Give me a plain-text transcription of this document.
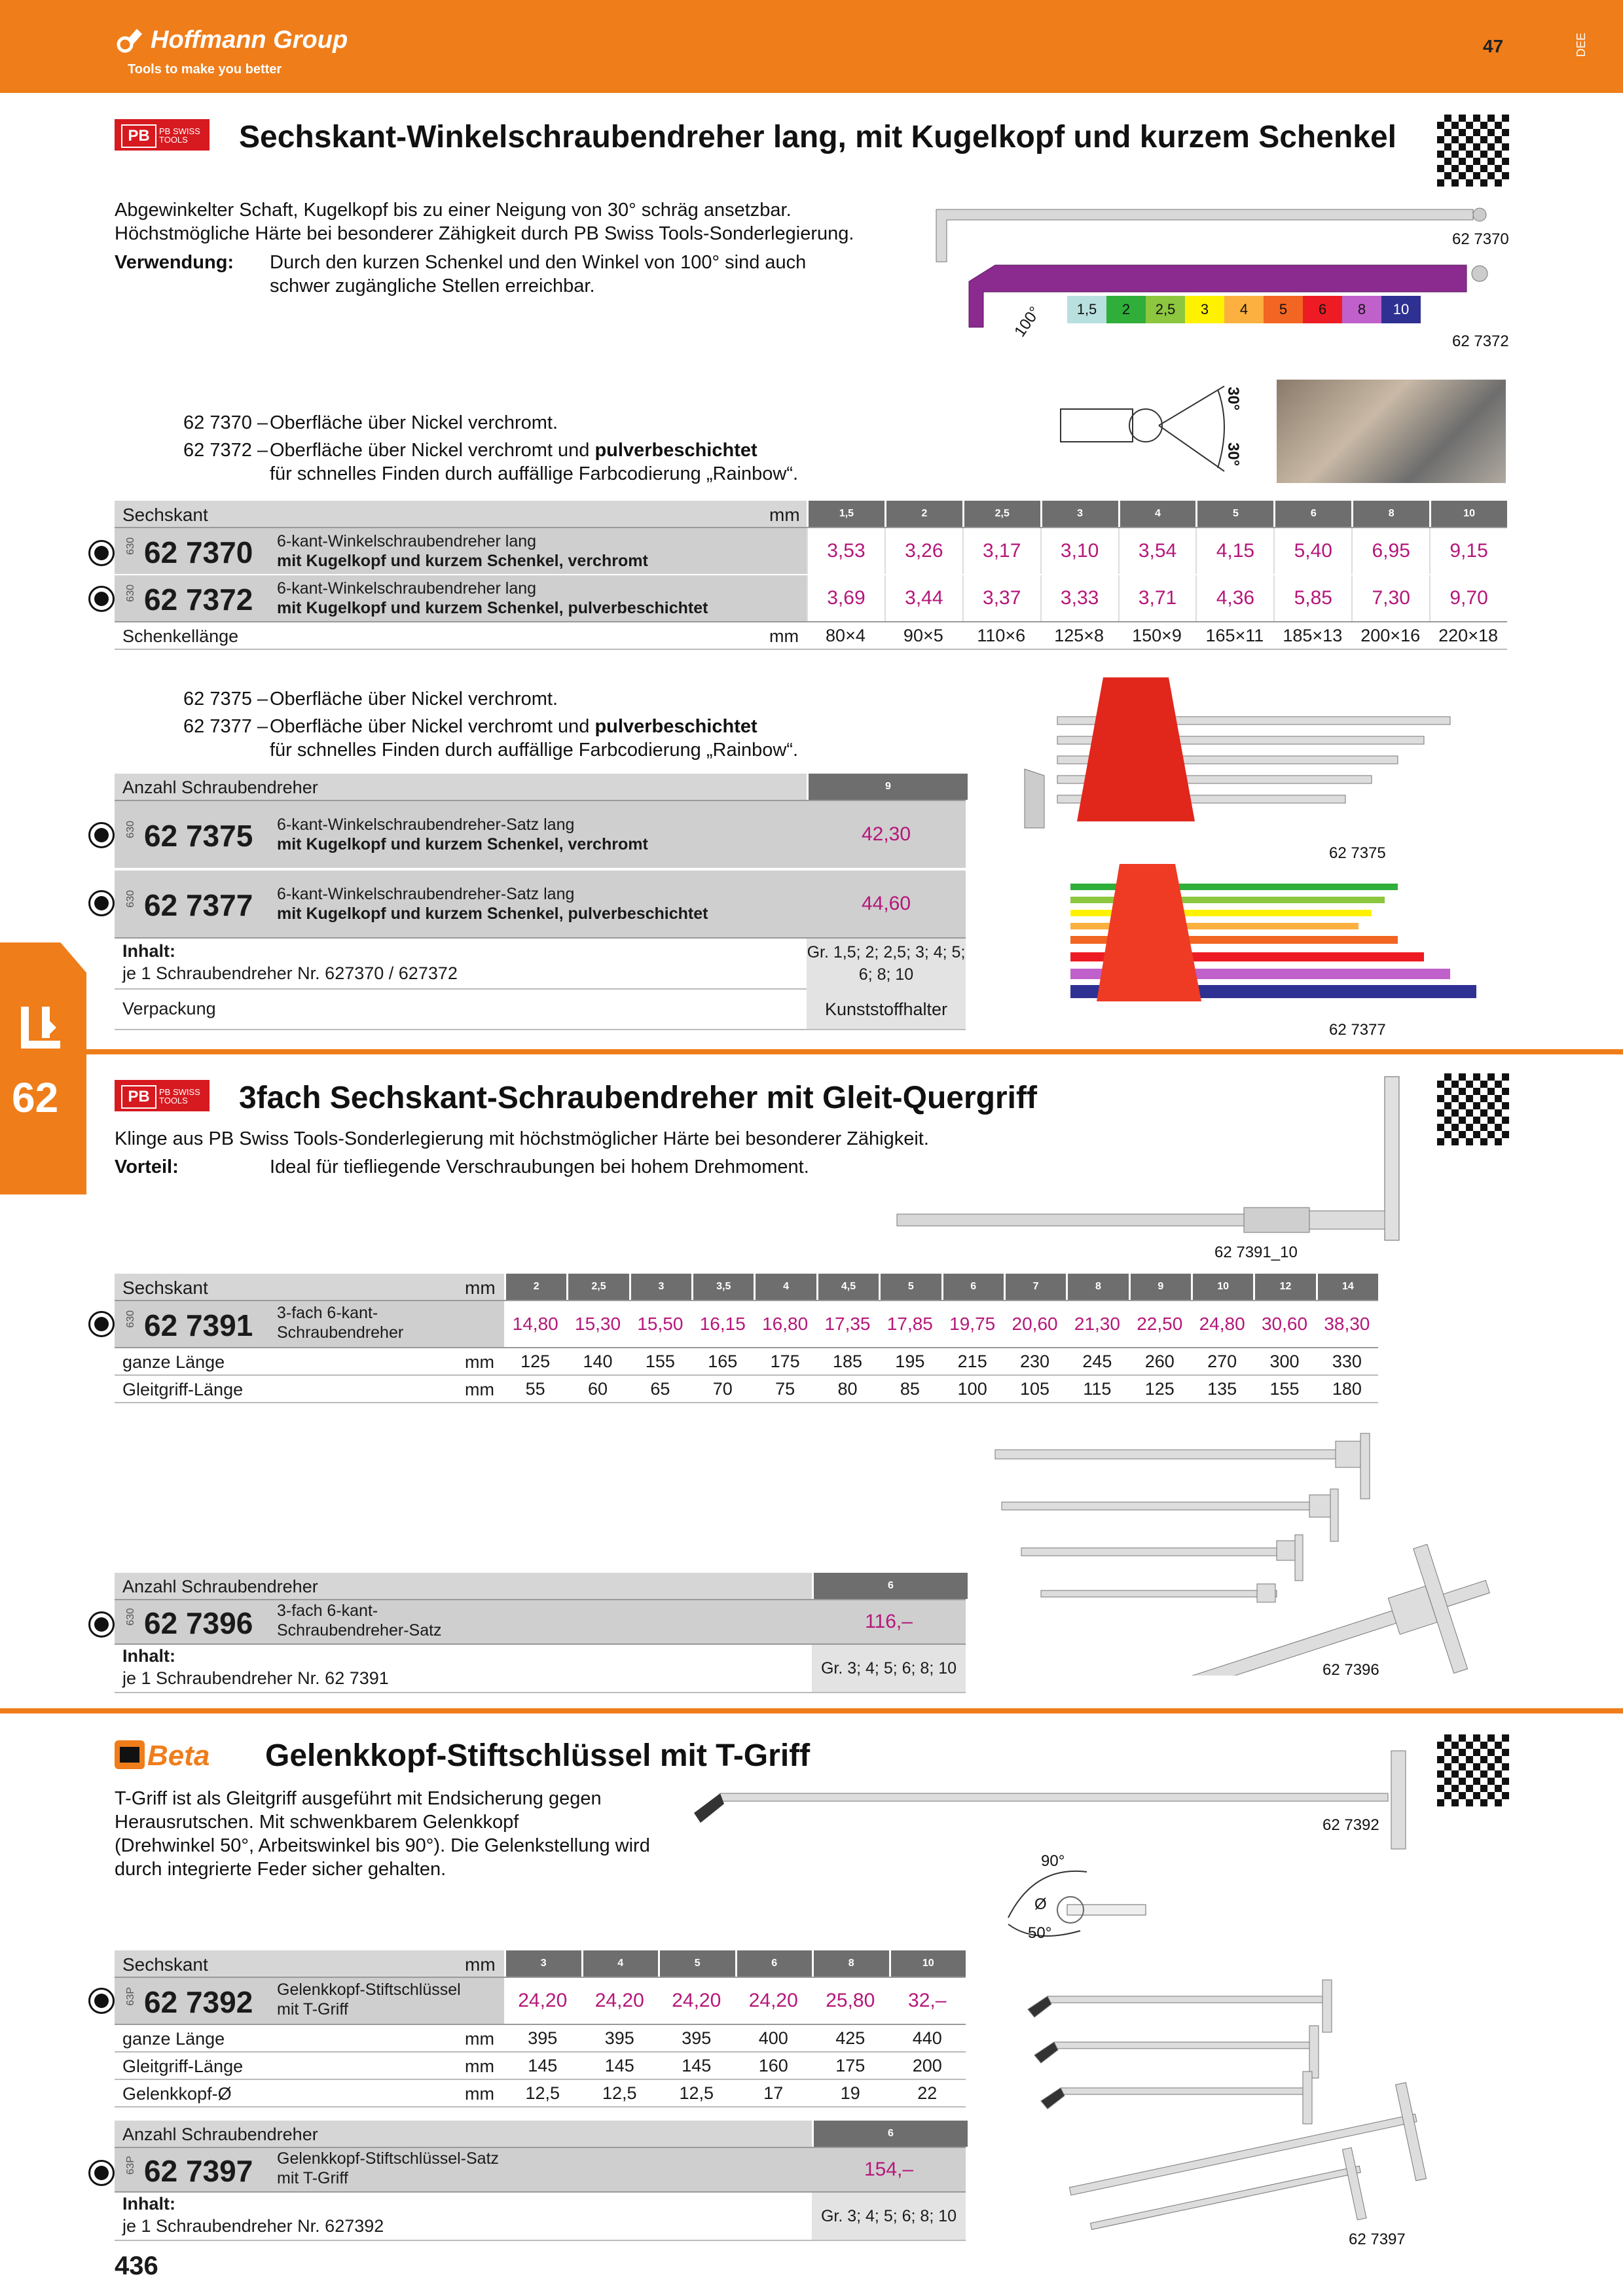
Hoffmann Group
Tools to make you better
47	DEE
62
PB	PB SWISS TOOLS	Sechskant-Winkelschraubendreher lang, mit Kugelkopf und kurzem Schenkel
Abgewinkelter Schaft, Kugelkopf bis zu einer Neigung von 30° schräg ansetzbar.
Höchstmögliche Härte bei besonderer Zähigkeit durch PB Swiss Tools-Sonderlegierung.
Verwendung: Durch den kurzen Schenkel und den Winkel von 100° sind auch
schwer zugängliche Stellen erreichbar.
62 7370
100°	1,5	2	2,5	3	4	5	6	8	10
62 7372
30°
30°
62 7370 – Oberfläche über Nickel verchromt.
62 7372 – Oberfläche über Nickel verchromt und pulverbeschichtet
für schnelles Finden durch auffällige Farbcodierung „Rainbow“.
Sechskant	mm	1,5	2	2,5	3	4	5	6	8	10
630 62 7370 6-kant-Winkelschraubendreher lang
mit Kugelkopf und kurzem Schenkel, verchromt	3,53	3,26	3,17	3,10	3,54	4,15	5,40	6,95	9,15
630 62 7372 6-kant-Winkelschraubendreher lang
mit Kugelkopf und kurzem Schenkel, pulverbeschichtet	3,69	3,44	3,37	3,33	3,71	4,36	5,85	7,30	9,70
Schenkellänge	mm	80×4	90×5	110×6	125×8	150×9	165×11	185×13	200×16	220×18
62 7375 – Oberfläche über Nickel verchromt.
62 7377 – Oberfläche über Nickel verchromt und pulverbeschichtet
für schnelles Finden durch auffällige Farbcodierung „Rainbow“.
Anzahl Schraubendreher	9
630 62 7375 6-kant-Winkelschraubendreher-Satz lang
mit Kugelkopf und kurzem Schenkel, verchromt	42,30
630 62 7377 6-kant-Winkelschraubendreher-Satz lang
mit Kugelkopf und kurzem Schenkel, pulverbeschichtet	44,60
Inhalt:
je 1 Schraubendreher Nr. 627370 / 627372
Gr. 1,5; 2; 2,5; 3; 4; 5;
6; 8; 10
Verpackung	Kunststoffhalter
62 7375
62 7377
PB	PB SWISS TOOLS	3fach Sechskant-Schraubendreher mit Gleit-Quergriff
Klinge aus PB Swiss Tools-Sonderlegierung mit höchstmöglicher Härte bei besonderer Zähigkeit.
Vorteil:	Ideal für tiefliegende Verschraubungen bei hohem Drehmoment.
62 7391_10
Sechskant	mm	2	2,5	3	3,5	4	4,5	5	6	7	8	9	10	12	14
630 62 7391 3-fach 6-kant-
Schraubendreher	14,80 15,30 15,50 16,15 16,80 17,35 17,85 19,75 20,60 21,30 22,50 24,80 30,60 38,30
ganze Länge	mm	125	140	155	165	175	185	195	215	230	245	260	270	300	330
Gleitgriff-Länge	mm	55	60	65	70	75	80	85	100	105	115	125	135	155	180
Anzahl Schraubendreher	6
630 62 7396 3-fach 6-kant-
Schraubendreher-Satz	116,–
Inhalt:
je 1 Schraubendreher Nr. 62 7391	Gr. 3; 4; 5; 6; 8; 10	62 7396
Beta Gelenkkopf-Stiftschlüssel mit T-Griff
T-Griff ist als Gleitgriff ausgeführt mit Endsicherung gegen
Herausrutschen. Mit schwenkbarem Gelenkkopf
(Drehwinkel 50°, Arbeitswinkel bis 90°). Die Gelenkstellung wird
durch integrierte Feder sicher gehalten.
62 7392
90°
Ø
50°
Sechskant	mm	3	4	5	6	8	10
63P 62 7392 Gelenkkopf-Stiftschlüssel
mit T-Griff	24,20	24,20	24,20	24,20	25,80	32,–
ganze Länge	mm	395	395	395	400	425	440
Gleitgriff-Länge	mm	145	145	145	160	175	200
Gelenkkopf-Ø	mm	12,5	12,5	12,5	17	19	22
Anzahl Schraubendreher	6
63P 62 7397 Gelenkkopf-Stiftschlüssel-Satz
mit T-Griff	154,–
Inhalt:
je 1 Schraubendreher Nr. 627392	Gr. 3; 4; 5; 6; 8; 10
62 7397
436
